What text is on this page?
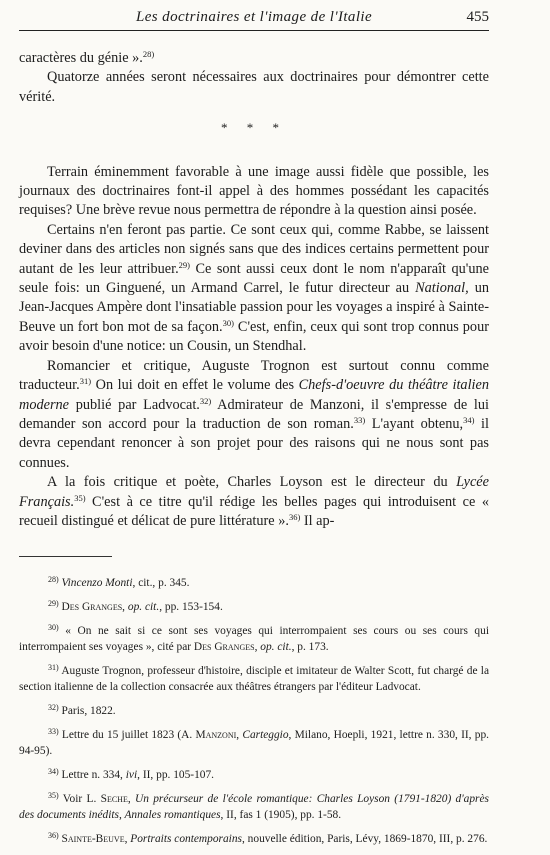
Les doctrinaires et l'image de l'Italie	455

caractères du génie ».$^{28)}$

Quatorze années seront nécessaires aux doctrinaires pour démontrer cette vérité.

* * *

Terrain éminemment favorable à une image aussi fidèle que possible, les journaux des doctrinaires font-il appel à des hommes possédant les capacités requises? Une brève revue nous permettra de répondre à la question ainsi posée.

Certains n'en feront pas partie. Ce sont ceux qui, comme Rabbe, se laissent deviner dans des articles non signés sans que des indices certains permettent pour autant de les leur attribuer.$^{29)}$ Ce sont aussi ceux dont le nom n'apparaît qu'une seule fois: un Ginguené, un Armand Carrel, le futur directeur au National, un Jean-Jacques Ampère dont l'insatiable passion pour les voyages a inspiré à Sainte-Beuve un fort bon mot de sa façon.$^{30)}$ C'est, enfin, ceux qui sont trop connus pour avoir besoin d'une notice: un Cousin, un Stendhal.

Romancier et critique, Auguste Trognon est surtout connu comme traducteur.$^{31)}$ On lui doit en effet le volume des Chefs-d'oeuvre du théâtre italien moderne publié par Ladvocat.$^{32)}$ Admirateur de Manzoni, il s'empresse de lui demander son accord pour la traduction de son roman.$^{33)}$ L'ayant obtenu,$^{34)}$ il devra cependant renoncer à son projet pour des raisons qui ne nous sont pas connues.

A la fois critique et poète, Charles Loyson est le directeur du Lycée Français.$^{35)}$ C'est à ce titre qu'il rédige les belles pages qui introduisent ce « recueil distingué et délicat de pure littérature ».$^{36)}$ Il ap-

$^{28)}$ Vincenzo Monti, cit., p. 345.

$^{29)}$ Des Granges, op. cit., pp. 153-154.

$^{30)}$ « On ne sait si ce sont ses voyages qui interrompaient ses cours ou ses cours qui interrompaient ses voyages », cité par Des Granges, op. cit., p. 173.

$^{31)}$ Auguste Trognon, professeur d'histoire, disciple et imitateur de Walter Scott, fut chargé de la section italienne de la collection consacrée aux théâtres étrangers par l'éditeur Ladvocat.

$^{32)}$ Paris, 1822.

$^{33)}$ Lettre du 15 juillet 1823 (A. Manzoni, Carteggio, Milano, Hoepli, 1921, lettre n. 330, II, pp. 94-95).

$^{34)}$ Lettre n. 334, ivi, II, pp. 105-107.

$^{35)}$ Voir L. Seche, Un précurseur de l'école romantique: Charles Loyson (1791-1820) d'après des documents inédits, Annales romantiques, II, fas 1 (1905), pp. 1-58.

$^{36)}$ Sainte-Beuve, Portraits contemporains, nouvelle édition, Paris, Lévy, 1869-1870, III, p. 276.
